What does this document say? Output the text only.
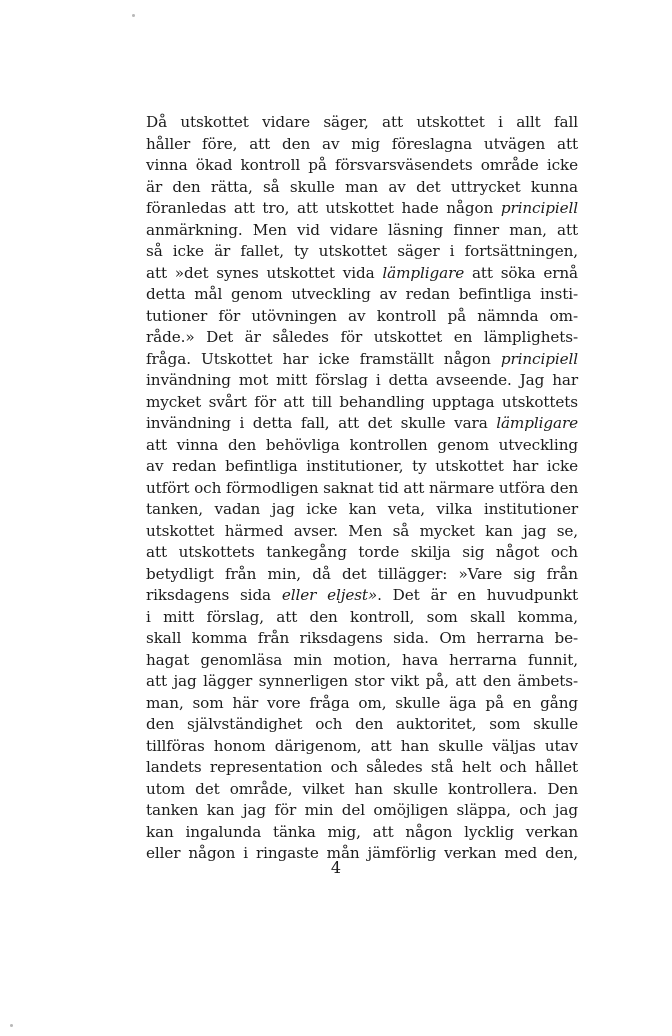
Då utskottet vidare säger, att utskottet i allt fall
håller före, att den av mig föreslagna utvägen att
vinna ökad kontroll på försvarsväsendets område icke
är den rätta, så skulle man av det uttrycket kunna
föranledas att tro, att utskottet hade någon principiell
anmärkning. Men vid vidare läsning finner man, att
så icke är fallet, ty utskottet säger i fortsättningen,
att »det synes utskottet vida lämpligare att söka ernå
detta mål genom utveckling av redan befintliga insti-
tutioner för utövningen av kontroll på nämnda om-
råde.» Det är således för utskottet en lämplighets-
fråga. Utskottet har icke framställt någon principiell
invändning mot mitt förslag i detta avseende. Jag har
mycket svårt för att till behandling upptaga utskottets
invändning i detta fall, att det skulle vara lämpligare
att vinna den behövliga kontrollen genom utveckling
av redan befintliga institutioner, ty utskottet har icke
utfört och förmodligen saknat tid att närmare utföra den
tanken, vadan jag icke kan veta, vilka institutioner
utskottet härmed avser. Men så mycket kan jag se,
att utskottets tankegång torde skilja sig något och
betydligt från min, då det tillägger: »Vare sig från
riksdagens sida eller eljest». Det är en huvudpunkt
i mitt förslag, att den kontroll, som skall komma,
skall komma från riksdagens sida. Om herrarna be-
hagat genomläsa min motion, hava herrarna funnit,
att jag lägger synnerligen stor vikt på, att den ämbets-
man, som här vore fråga om, skulle äga på en gång
den självständighet och den auktoritet, som skulle
tillföras honom därigenom, att han skulle väljas utav
landets representation och således stå helt och hållet
utom det område, vilket han skulle kontrollera. Den
tanken kan jag för min del omöjligen släppa, och jag
kan ingalunda tänka mig, att någon lycklig verkan
eller någon i ringaste mån jämförlig verkan med den,
4
